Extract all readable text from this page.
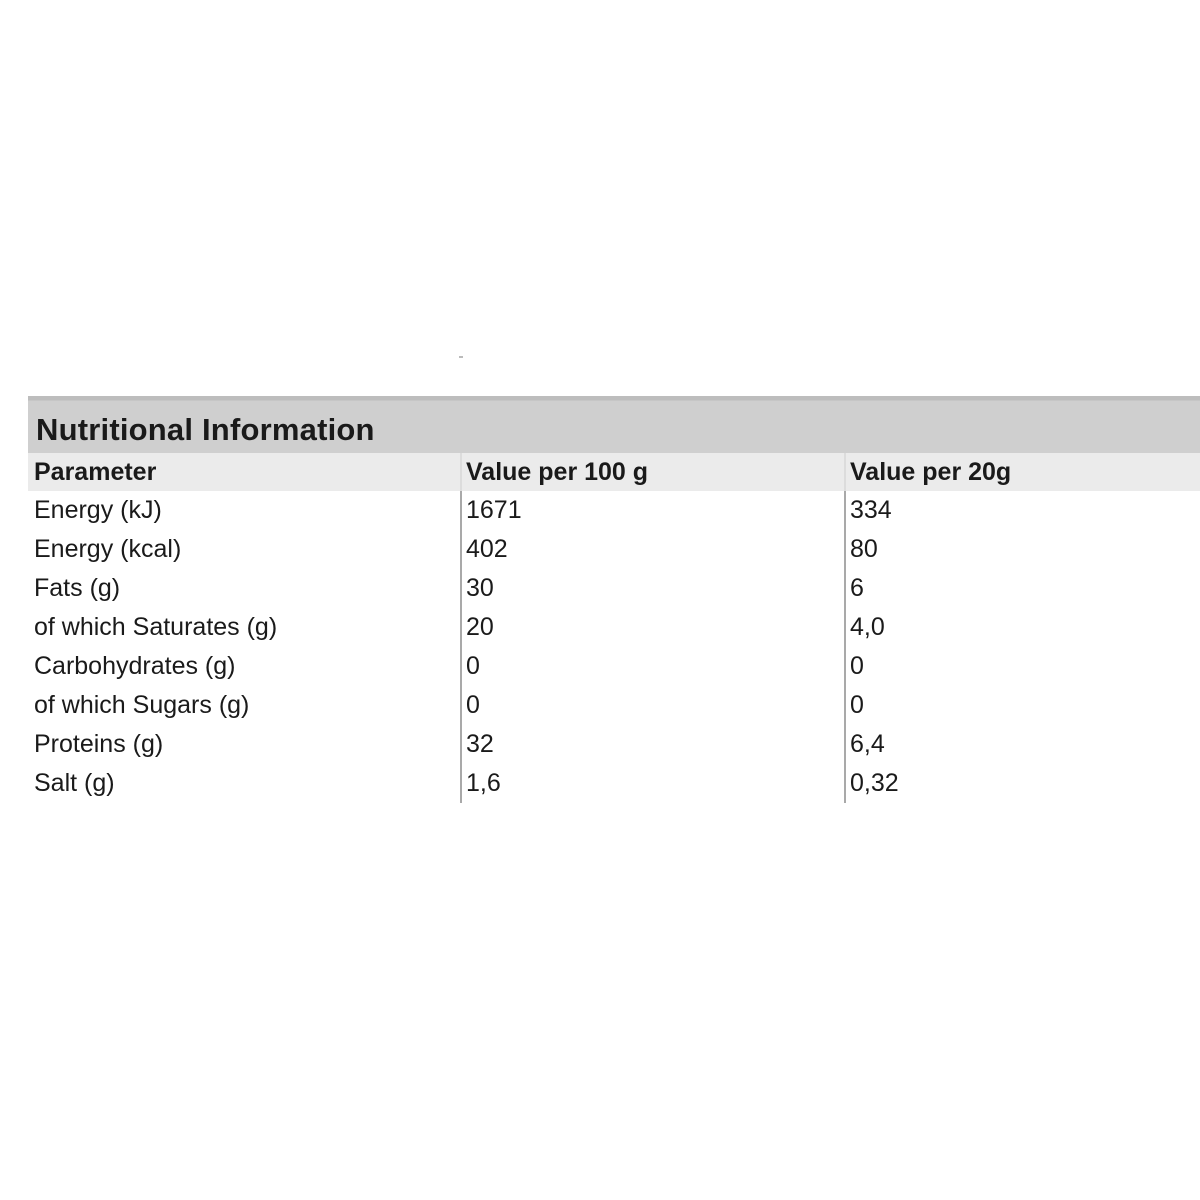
Nutritional Information
Parameter	Value per 100 g	Value per 20g
Energy (kJ)	1671	334
Energy (kcal)	402	80
Fats (g)	30	6
of which Saturates (g)	20	4,0
Carbohydrates (g)	0	0
of which Sugars (g)	0	0
Proteins (g)	32	6,4
Salt (g)	1,6	0,32
